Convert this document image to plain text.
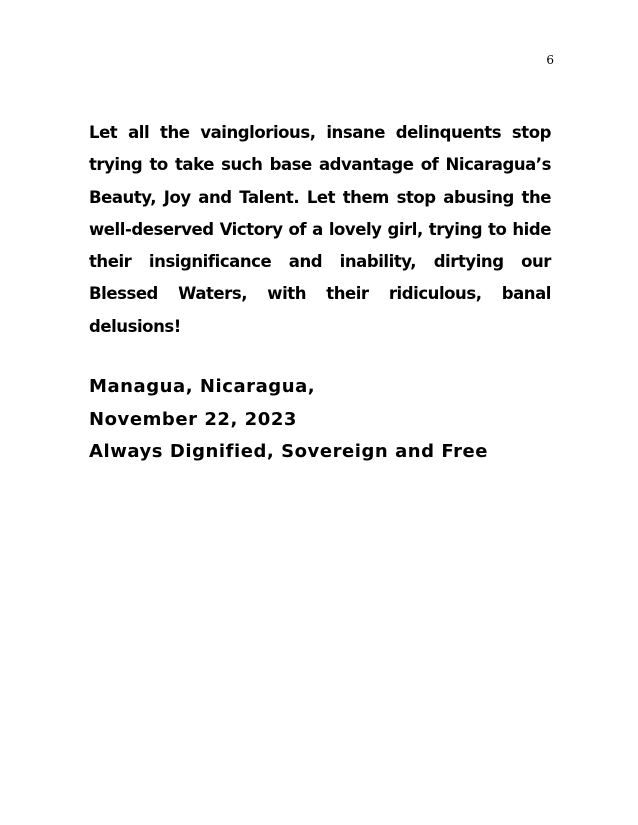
6

Let all the vainglorious, insane delinquents stop trying to take such base advantage of Nicaragua’s Beauty, Joy and Talent. Let them stop abusing the well-deserved Victory of a lovely girl, trying to hide their insignificance and inability, dirtying our Blessed Waters, with their ridiculous, banal delusions!

Managua, Nicaragua,
November 22, 2023
Always Dignified, Sovereign and Free
